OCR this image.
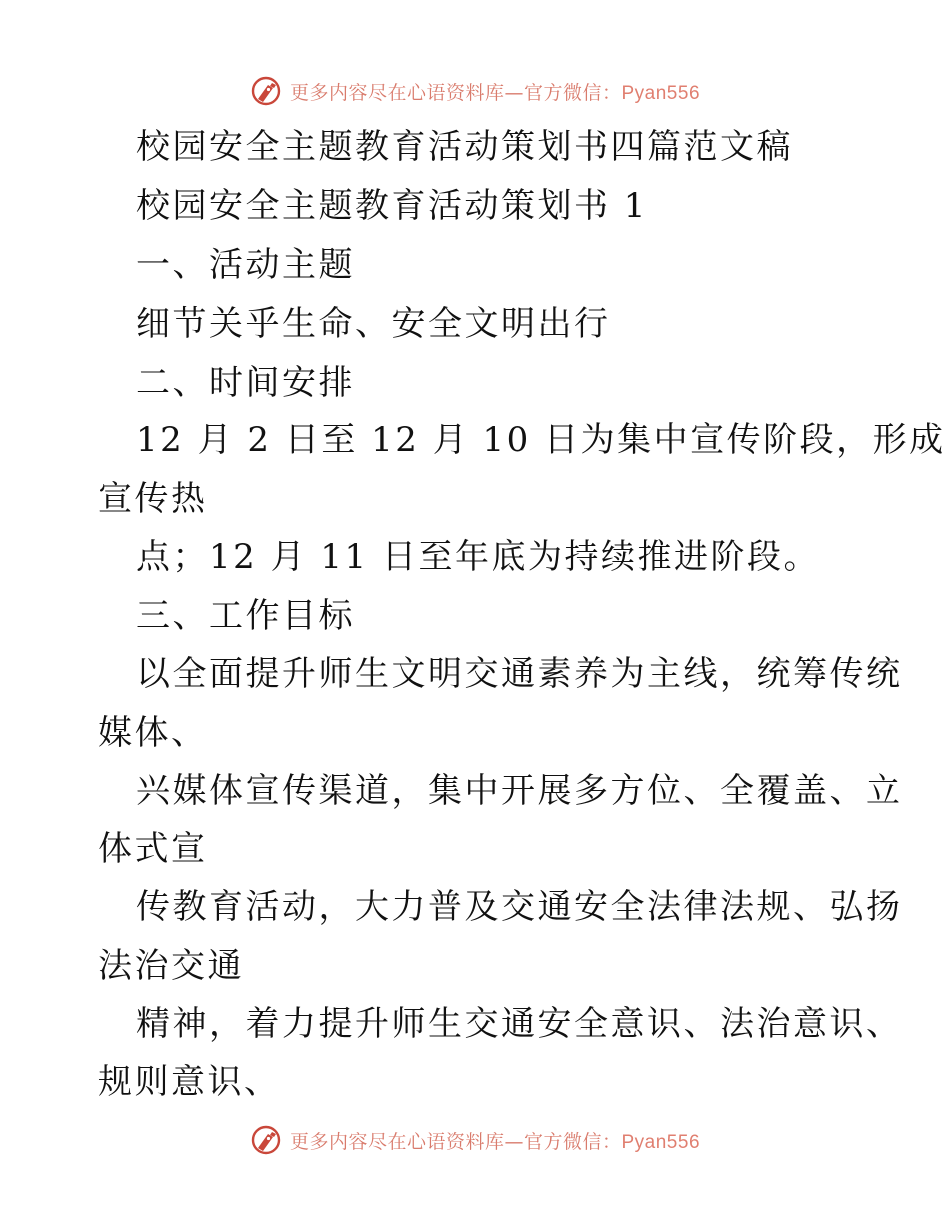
更多内容尽在心语资料库—官方微信：Pyan556
校园安全主题教育活动策划书四篇范文稿
校园安全主题教育活动策划书 1
一、活动主题
细节关乎生命、安全文明出行
二、时间安排
12 月 2 日至 12 月 10 日为集中宣传阶段，形成
宣传热
点；12 月 11 日至年底为持续推进阶段。
三、工作目标
以全面提升师生文明交通素养为主线，统筹传统
媒体、
兴媒体宣传渠道，集中开展多方位、全覆盖、立
体式宣
传教育活动，大力普及交通安全法律法规、弘扬
法治交通
精神，着力提升师生交通安全意识、法治意识、
规则意识、
更多内容尽在心语资料库—官方微信：Pyan556
